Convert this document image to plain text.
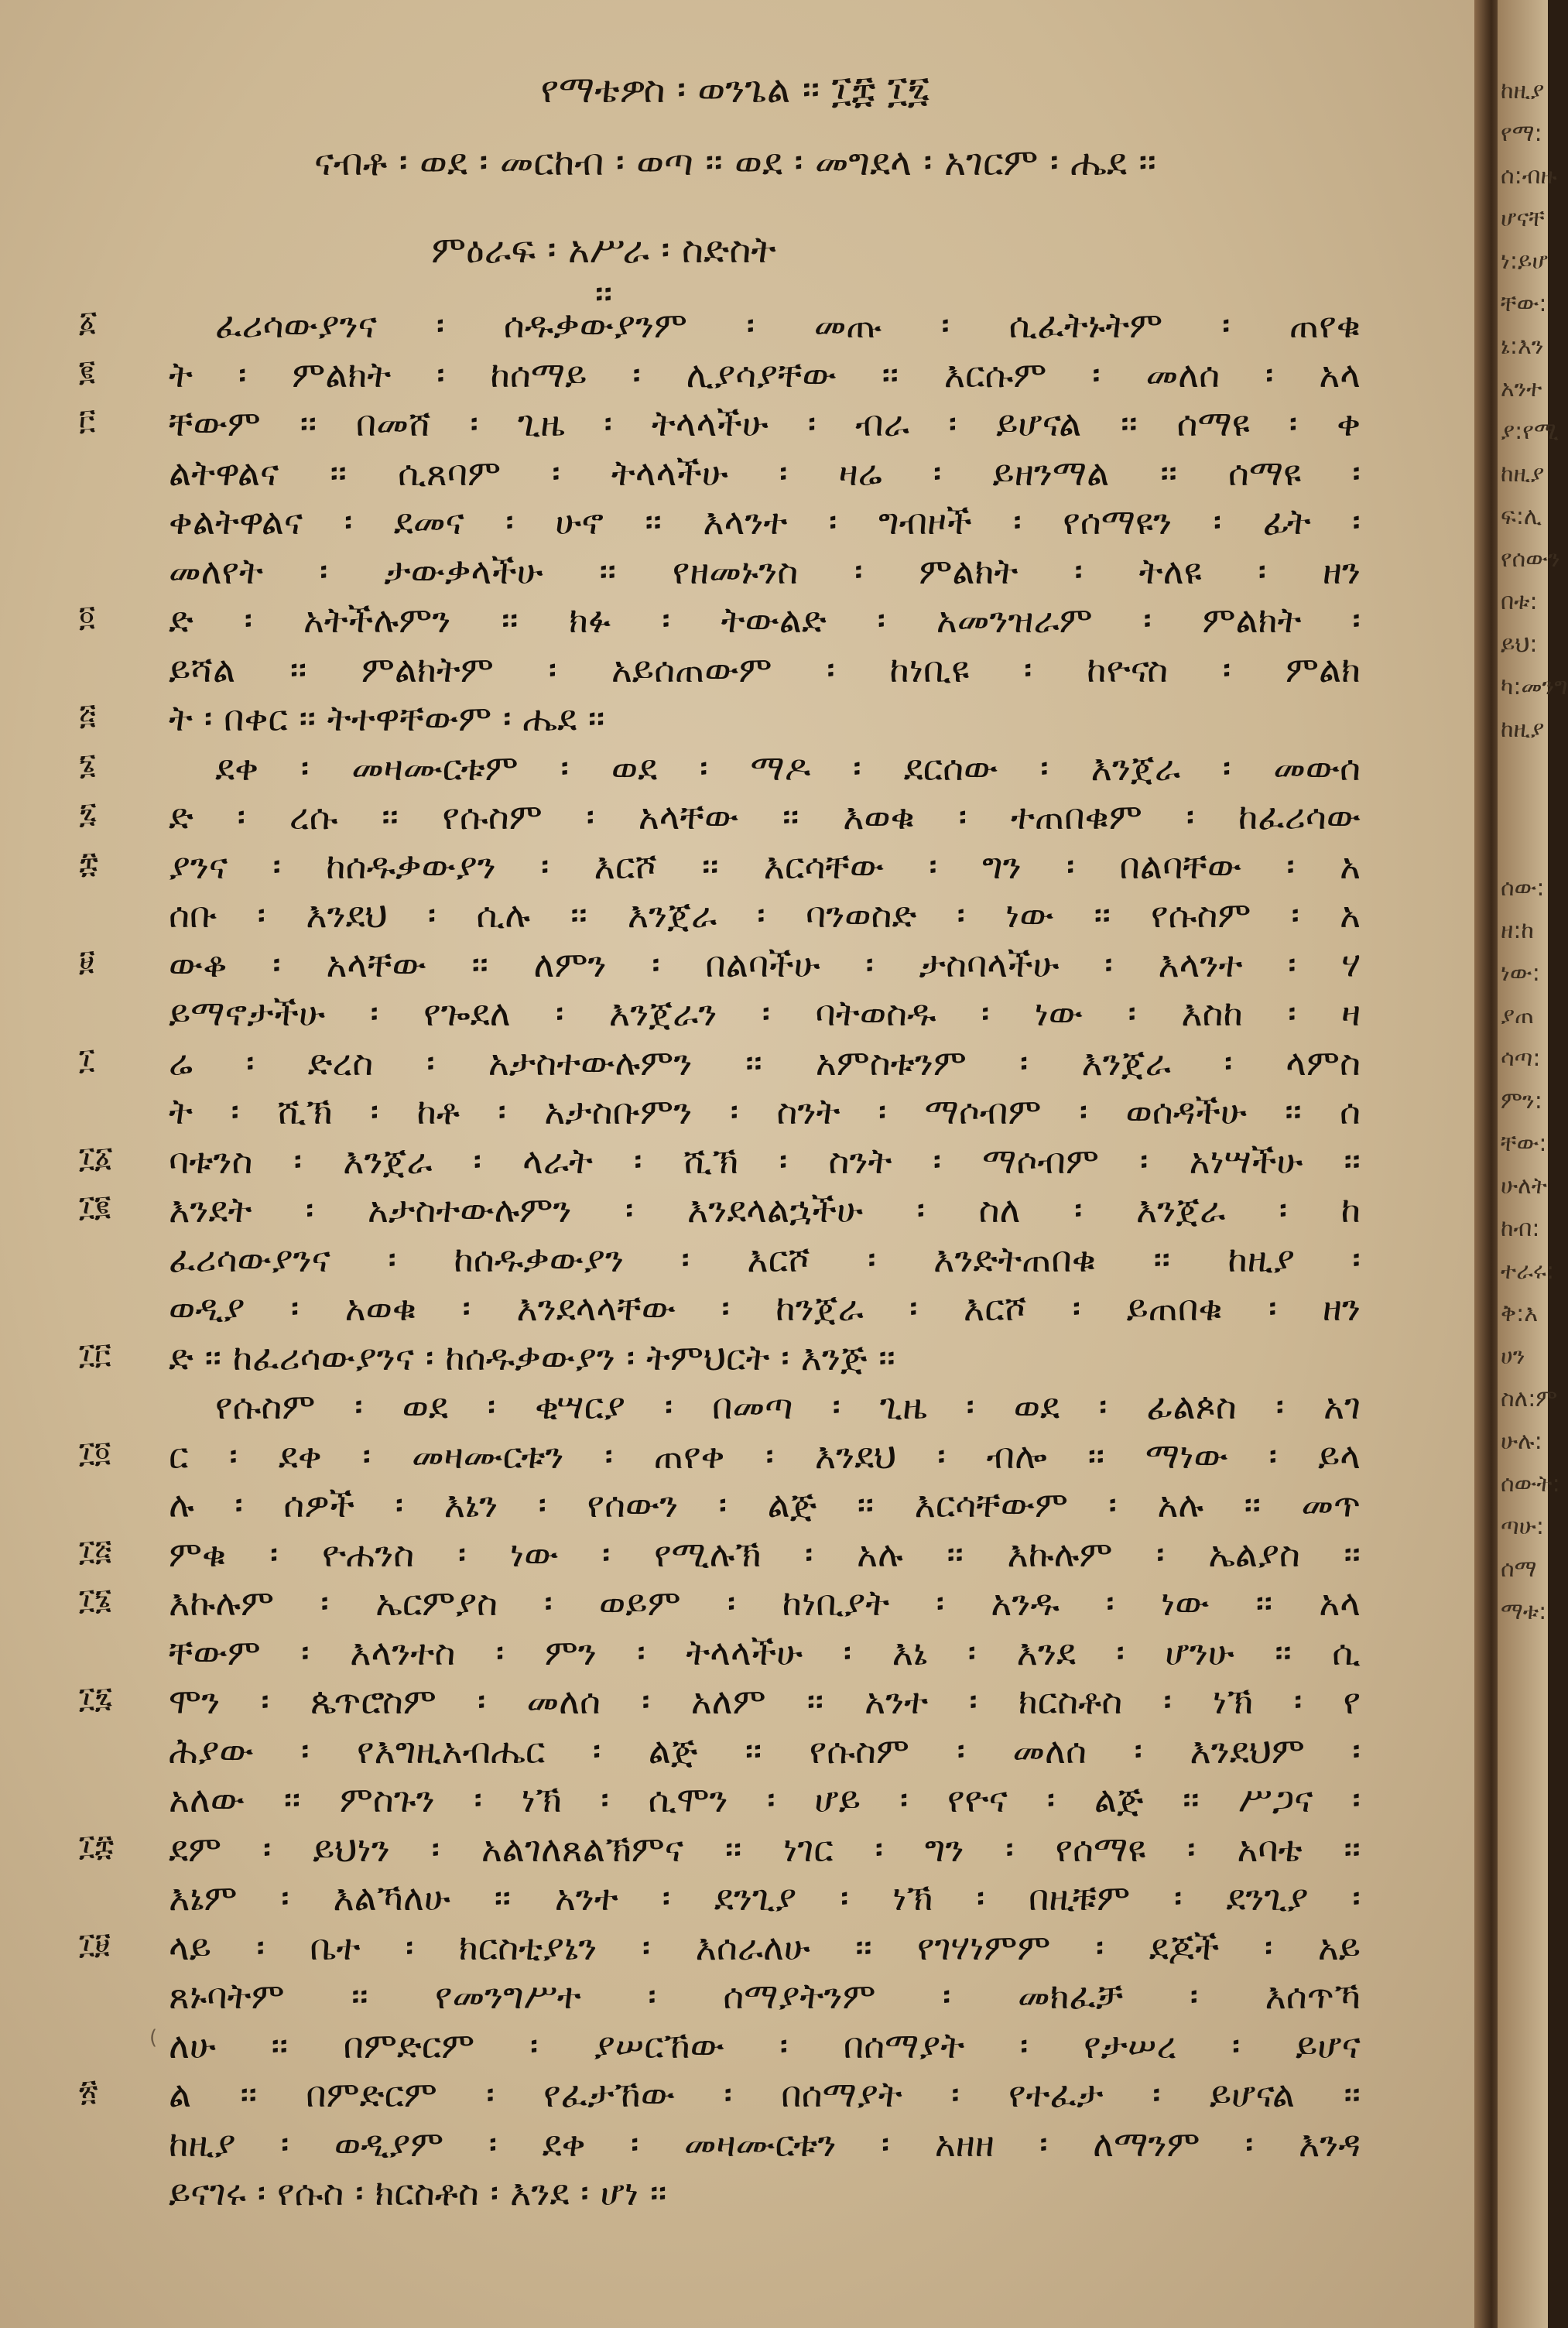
የማቴዎስ ፡ ወንጌል ፡፡ ፲፰ ፲፯
ናብቶ ፡ ወደ ፡ መርከብ ፡ ወጣ ፡፡ ወደ ፡ መግደላ ፡ አገርም ፡ ሔደ ፡፡
ምዕራፍ ፡ አሥራ ፡ ስድስት ፡፡
፩	ፈሪሳውያንና ፡ ሰዱቃውያንም ፡ መጡ ፡ ሲፈትኑትም ፡ ጠየቁ
፪ ት ፡ ምልክት ፡ ከሰማይ ፡ ሊያሳያቸው ፡፡ እርሱም ፡ መለሰ ፡ አላ
፫ ቸውም ፡፡ በመሸ ፡ ጊዜ ፡ ትላላችሁ ፡ ብራ ፡ ይሆናል ፡፡ ሰማዩ ፡ ቀ
ልትዋልና ፡፡ ሲጸባም ፡ ትላላችሁ ፡ ዛሬ ፡ ይዘንማል ፡፡ ሰማዩ ፡
ቀልትዋልና ፡ ደመና ፡ ሁኖ ፡፡ እላንተ ፡ ግብዞች ፡ የሰማዩን ፡ ፊት ፡
መለየት ፡ ታውቃላችሁ ፡፡ የዘመኑንስ ፡ ምልክት ፡ ትለዩ ፡ ዘን
፬ ድ ፡ አትችሉምን ፡፡ ክፉ ፡ ትውልድ ፡ አመንዝራም ፡ ምልክት ፡
ይሻል ፡፡ ምልክትም ፡ አይሰጠውም ፡ ከነቢዩ ፡ ከዮናስ ፡ ምልክ
፭ ት ፡ በቀር ፡፡ ትተዋቸውም ፡ ሔደ ፡፡
፮	ደቀ ፡ መዛሙርቱም ፡ ወደ ፡ ማዶ ፡ ደርሰው ፡ እንጀራ ፡ መውሰ
፯ ድ ፡ ረሱ ፡፡ የሱስም ፡ አላቸው ፡፡ እወቁ ፡ ተጠበቁም ፡ ከፈሪሳው
፰ ያንና ፡ ከሰዱቃውያን ፡ እርሾ ፡፡ እርሳቸው ፡ ግን ፡ በልባቸው ፡ አ
ሰቡ ፡ እንደህ ፡ ሲሉ ፡፡ እንጀራ ፡ ባንወስድ ፡ ነው ፡፡ የሱስም ፡ አ
፱ ውቆ ፡ አላቸው ፡፡ ለምን ፡ በልባችሁ ፡ ታስባላችሁ ፡ እላንተ ፡ ሃ
ይማኖታችሁ ፡ የጐደለ ፡ እንጀራን ፡ ባትወስዱ ፡ ነው ፡ እስከ ፡ ዛ
፲ ሬ ፡ ድረስ ፡ አታስተውሉምን ፡፡ አምስቱንም ፡ እንጀራ ፡ ላምስ
ት ፡ ሺኽ ፡ ከቶ ፡ አታስቡምን ፡ ስንት ፡ ማሶብም ፡ ወሰዳችሁ ፡፡ ሰ
፲፩ ባቱንስ ፡ እንጀራ ፡ ላራት ፡ ሺኽ ፡ ስንት ፡ ማሶብም ፡ አነሣችሁ ፡፡
፲፪ እንደት ፡ አታስተውሉምን ፡ እንደላልኋችሁ ፡ ስለ ፡ እንጀራ ፡ ከ
ፈሪሳውያንና ፡ ከሰዱቃውያን ፡ እርሾ ፡ እንድትጠበቁ ፡፡ ከዚያ ፡
ወዲያ ፡ አወቁ ፡ እንደላላቸው ፡ ከንጀራ ፡ እርሾ ፡ ይጠበቁ ፡ ዘን
፲፫ ድ ፡፡ ከፈሪሳውያንና ፡ ከሰዱቃውያን ፡ ትምህርት ፡ እንጅ ፡፡
የሱስም ፡ ወደ ፡ ቂሣርያ ፡ በመጣ ፡ ጊዜ ፡ ወደ ፡ ፊልጶስ ፡ አገ
፲፬ ር ፡ ደቀ ፡ መዛሙርቱን ፡ ጠየቀ ፡ እንደህ ፡ ብሎ ፡፡ ማነው ፡ ይላ
ሉ ፡ ሰዎች ፡ እኔን ፡ የሰውን ፡ ልጅ ፡፡ እርሳቸውም ፡ አሉ ፡፡ መጥ
፲፭ ምቁ ፡ ዮሐንስ ፡ ነው ፡ የሚሉኽ ፡ አሉ ፡፡ እኩሉም ፡ ኤልያስ ፡፡
፲፮ እኩሉም ፡ ኤርምያስ ፡ ወይም ፡ ከነቢያት ፡ አንዱ ፡ ነው ፡፡ አላ
ቸውም ፡ እላንተስ ፡ ምን ፡ ትላላችሁ ፡ እኔ ፡ እንደ ፡ ሆንሁ ፡፡ ሲ
፲፯ ሞን ፡ ጴጥሮስም ፡ መለሰ ፡ አለም ፡፡ አንተ ፡ ክርስቶስ ፡ ነኽ ፡ የ
ሕያው ፡ የእግዚአብሔር ፡ ልጅ ፡፡ የሱስም ፡ መለሰ ፡ እንደህም ፡
አለው ፡፡ ምስጉን ፡ ነኽ ፡ ሲሞን ፡ ሆይ ፡ የዮና ፡ ልጅ ፡፡ ሥጋና ፡
፲፰ ደም ፡ ይህነን ፡ አልገለጸልኽምና ፡፡ ነገር ፡ ግን ፡ የሰማዩ ፡ አባቴ ፡፡
እኔም ፡ እልኻለሁ ፡፡ አንተ ፡ ደንጊያ ፡ ነኽ ፡ በዚቹም ፡ ደንጊያ ፡
፲፱ ላይ ፡ ቤተ ፡ ክርስቲያኔን ፡ እሰራለሁ ፡፡ የገሃነምም ፡ ደጆች ፡ አይ
ጸኑባትም ፡፡ የመንግሥተ ፡ ሰማያትንም ፡ መክፈቻ ፡ እሰጥኻ
ለሁ ፡፡ በምድርም ፡ ያሠርኸው ፡ በሰማያት ፡ የታሠረ ፡ ይሆና
፳ ል ፡፡ በምድርም ፡ የፈታኸው ፡ በሰማያት ፡ የተፈታ ፡ ይሆናል ፡፡
ከዚያ ፡ ወዲያም ፡ ደቀ ፡ መዛሙርቱን ፡ አዘዘ ፡ ለማንም ፡ እንዳ
ይናገሩ ፡ የሱስ ፡ ክርስቶስ ፡ እንደ ፡ ሆነ ፡፡
(
ከዚያ
የማ:
ሰ:ብዙ
ሆናቸ
ነ:ይሆ
ቸው:
ኔ:እን
አንተ
ያ:የሚ
ከዚያ
ፍ:ሊ
የሰውን
በቱ:
ይህ:
ካ:መንግ
ከዚያ
ሰው:
ዘ:ከ
ነው:
ያጠ
ሳጣ:
ምን:
ቸው:
ሁለት
ከብ:
ተራሩ:
ቅ:እ
ሀን
ስለ:ም
ሁሉ:
ሰውት:
ጣሁ:
ሰማ
ማቱ:
